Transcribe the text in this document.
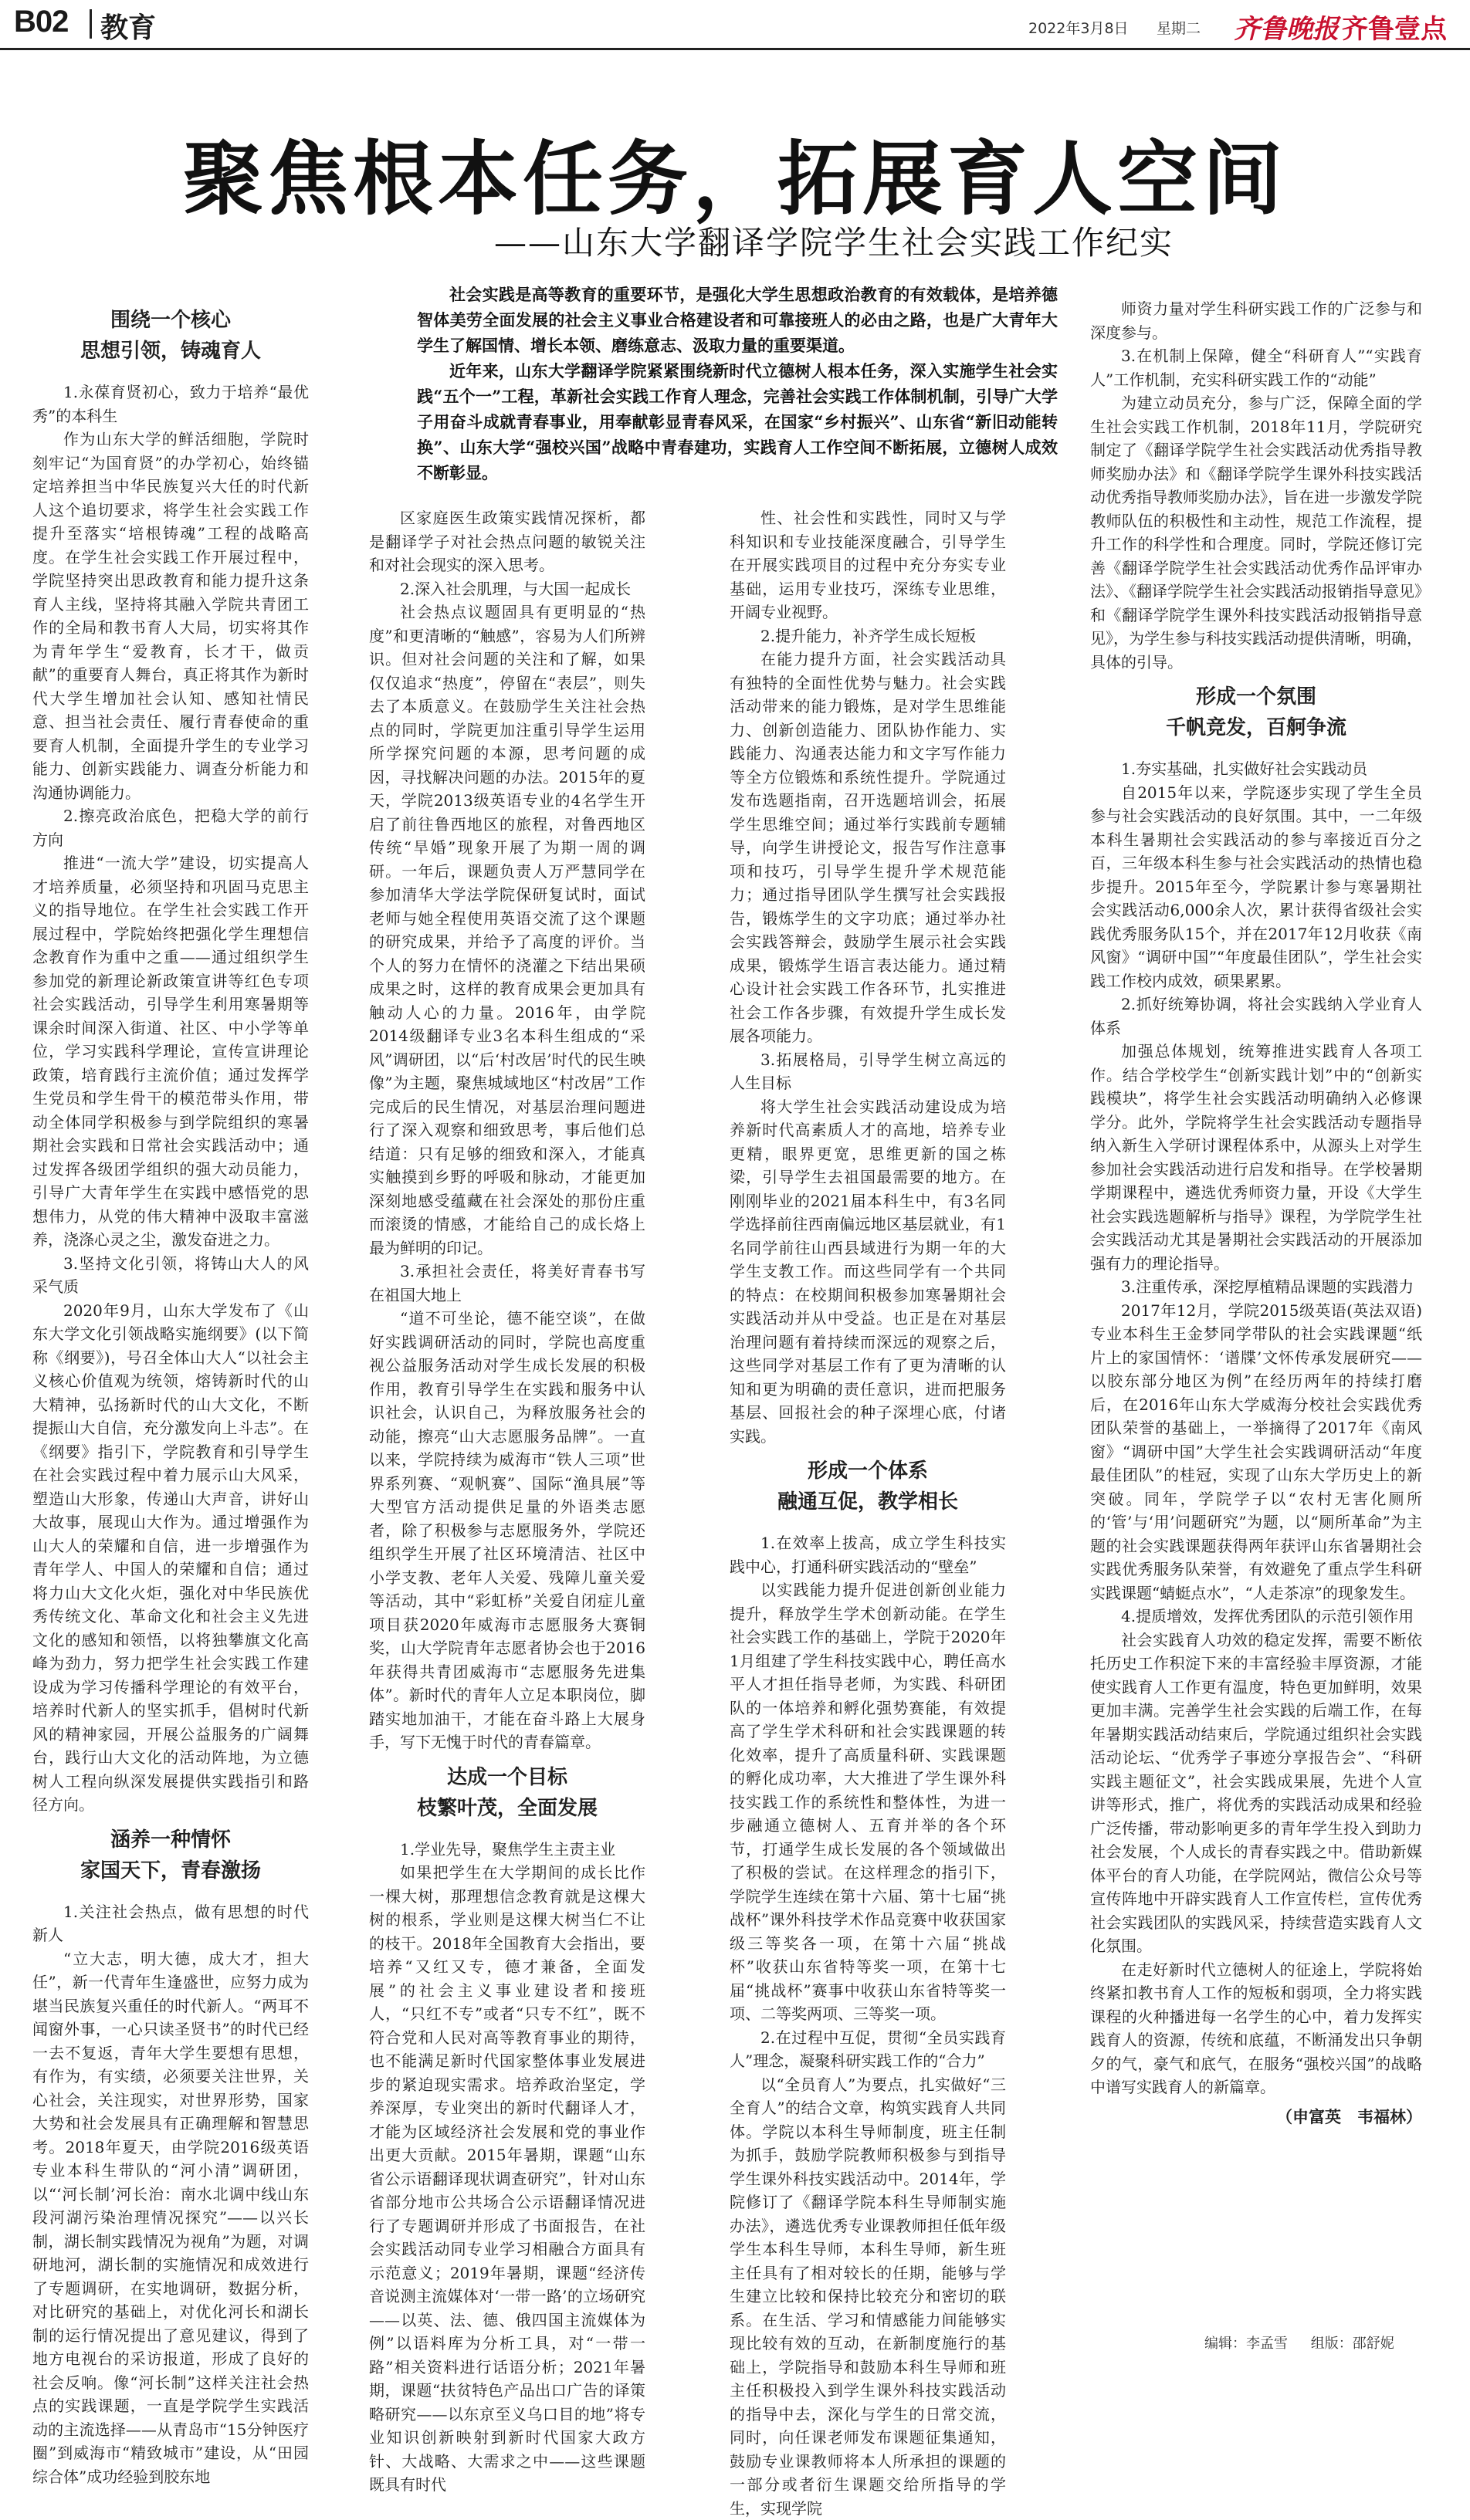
B02 教育	2022年3月8日 星期二 齐鲁晚报 齐鲁壹点
聚焦根本任务，拓展育人空间
——山东大学翻译学院学生社会实践工作纪实

社会实践是高等教育的重要环节，是强化大学生思想政治教育的有效载体，是培养德智体美劳全面发展的社会主义事业合格建设者和可靠接班人的必由之路，也是广大青年大学生了解国情、增长本领、磨练意志、汲取力量的重要渠道。

近年来，山东大学翻译学院紧紧围绕新时代立德树人根本任务，深入实施学生社会实践“五个一”工程，革新社会实践工作育人理念，完善社会实践工作体制机制，引导广大学子用奋斗成就青春事业，用奉献彰显青春风采，在国家“乡村振兴”、山东省“新旧动能转换”、山东大学“强校兴国”战略中青春建功，实践育人工作空间不断拓展，立德树人成效不断彰显。

围绕一个核心
思想引领，铸魂育人

1.永葆育贤初心，致力于培养“最优秀”的本科生

作为山东大学的鲜活细胞，学院时刻牢记“为国育贤”的办学初心，始终锚定培养担当中华民族复兴大任的时代新人这个追切要求，将学生社会实践工作提升至落实“培根铸魂”工程的战略高度。在学生社会实践工作开展过程中，学院坚持突出思政教育和能力提升这条育人主线，坚持将其融入学院共青团工作的全局和教书育人大局，切实将其作为青年学生“爱教育，长才干，做贡献”的重要育人舞台，真正将其作为新时代大学生增加社会认知、感知社情民意、担当社会责任、履行青春使命的重要育人机制，全面提升学生的专业学习能力、创新实践能力、调查分析能力和沟通协调能力。

2.擦亮政治底色，把稳大学的前行方向

推进“一流大学”建设，切实提高人才培养质量，必须坚持和巩固马克思主义的指导地位。在学生社会实践工作开展过程中，学院始终把强化学生理想信念教育作为重中之重——通过组织学生参加党的新理论新政策宣讲等红色专项社会实践活动，引导学生利用寒暑期等课余时间深入街道、社区、中小学等单位，学习实践科学理论，宣传宣讲理论政策，培育践行主流价值；通过发挥学生党员和学生骨干的模范带头作用，带动全体同学积极参与到学院组织的寒暑期社会实践和日常社会实践活动中；通过发挥各级团学组织的强大动员能力，引导广大青年学生在实践中感悟党的思想伟力，从党的伟大精神中汲取丰富滋养，浇涤心灵之尘，激发奋进之力。

3.坚持文化引领，将铸山大人的风采气质

2020年9月，山东大学发布了《山东大学文化引领战略实施纲要》(以下简称《纲要》)，号召全体山大人“以社会主义核心价值观为统领，熔铸新时代的山大精神，弘扬新时代的山大文化，不断提振山大自信，充分激发向上斗志”。在《纲要》指引下，学院教育和引导学生在社会实践过程中着力展示山大风采，塑造山大形象，传递山大声音，讲好山大故事，展现山大作为。通过增强作为山大人的荣耀和自信，进一步增强作为青年学人、中国人的荣耀和自信；通过将力山大文化火炬，强化对中华民族优秀传统文化、革命文化和社会主义先进文化的感知和领悟，以将独攀旗文化高峰为劲力，努力把学生社会实践工作建设成为学习传播科学理论的有效平台，培养时代新人的坚实抓手，倡树时代新风的精神家园，开展公益服务的广阔舞台，践行山大文化的活动阵地，为立德树人工程向纵深发展提供实践指引和路径方向。

涵养一种情怀
家国天下，青春激扬

1.关注社会热点，做有思想的时代新人

“立大志，明大德，成大才，担大任”，新一代青年生逢盛世，应努力成为堪当民族复兴重任的时代新人。“两耳不闻窗外事，一心只读圣贤书”的时代已经一去不复返，青年大学生要想有思想，有作为，有实绩，必须要关注世界，关心社会，关注现实，对世界形势，国家大势和社会发展具有正确理解和智慧思考。2018年夏天，由学院2016级英语专业本科生带队的“河小清”调研团，以“‘河长制’河长治：南水北调中线山东段河湖污染治理情况探究”——以兴长制，湖长制实践情况为视角”为题，对调研地河，湖长制的实施情况和成效进行了专题调研，在实地调研，数据分析，对比研究的基础上，对优化河长和湖长制的运行情况提出了意见建议，得到了地方电视台的采访报道，形成了良好的社会反响。像“河长制”这样关注社会热点的实践课题，一直是学院学生实践活动的主流选择——从青岛市“15分钟医疗圈”到威海市“精致城市”建设，从“田园综合体”成功经验到胶东地

区家庭医生政策实践情况探析，都是翻译学子对社会热点问题的敏锐关注和对社会现实的深入思考。

2.深入社会肌理，与大国一起成长

社会热点议题固具有更明显的“热度”和更清晰的“触感”，容易为人们所辨识。但对社会问题的关注和了解，如果仅仅追求“热度”，停留在“表层”，则失去了本质意义。在鼓励学生关注社会热点的同时，学院更加注重引导学生运用所学探究问题的本源，思考问题的成因，寻找解决问题的办法。2015年的夏天，学院2013级英语专业的4名学生开启了前往鲁西地区的旅程，对鲁西地区传统“旱婚”现象开展了为期一周的调研。一年后，课题负责人万严慧同学在参加清华大学法学院保研复试时，面试老师与她全程使用英语交流了这个课题的研究成果，并给予了高度的评价。当个人的努力在情怀的浇灌之下结出果硕成果之时，这样的教育成果会更加具有触动人心的力量。2016年，由学院2014级翻译专业3名本科生组成的“采风”调研团，以“后‘村改居’时代的民生映像”为主题，聚焦城域地区“村改居”工作完成后的民生情况，对基层治理问题进行了深入观察和细致思考，事后他们总结道：只有足够的细致和深入，才能真实触摸到乡野的呼吸和脉动，才能更加深刻地感受蕴藏在社会深处的那份庄重而滚烫的情感，才能给自己的成长烙上最为鲜明的印记。

3.承担社会责任，将美好青春书写在祖国大地上

“道不可坐论，德不能空谈”，在做好实践调研活动的同时，学院也高度重视公益服务活动对学生成长发展的积极作用，教育引导学生在实践和服务中认识社会，认识自己，为释放服务社会的动能，擦亮“山大志愿服务品牌”。一直以来，学院持续为威海市“铁人三项”世界系列赛、“观帆赛”、国际“渔具展”等大型官方活动提供足量的外语类志愿者，除了积极参与志愿服务外，学院还组织学生开展了社区环境清洁、社区中小学支教、老年人关爱、残障儿童关爱等活动，其中“彩虹桥”关爱自闭症儿童项目获2020年威海市志愿服务大赛铜奖，山大学院青年志愿者协会也于2016年获得共青团威海市“志愿服务先进集体”。新时代的青年人立足本职岗位，脚踏实地加油干，才能在奋斗路上大展身手，写下无愧于时代的青春篇章。

达成一个目标
枝繁叶茂，全面发展

1.学业先导，聚焦学生主责主业

如果把学生在大学期间的成长比作一棵大树，那理想信念教育就是这棵大树的根系，学业则是这棵大树当仁不让的枝干。2018年全国教育大会指出，要培养“又红又专，德才兼备，全面发展”的社会主义事业建设者和接班人，“只红不专”或者“只专不红”，既不符合党和人民对高等教育事业的期待，也不能满足新时代国家整体事业发展进步的紧迫现实需求。培养政治坚定，学养深厚，专业突出的新时代翻译人才，才能为区域经济社会发展和党的事业作出更大贡献。2015年暑期，课题“山东省公示语翻译现状调查研究”，针对山东省部分地市公共场合公示语翻译情况进行了专题调研并形成了书面报告，在社会实践活动同专业学习相融合方面具有示范意义；2019年暑期，课题“经济传音说测主流媒体对‘一带一路’的立场研究——以英、法、德、俄四国主流媒体为例”以语料库为分析工具，对“一带一路”相关资料进行话语分析；2021年暑期，课题“扶贫特色产品出口广告的译策略研究——以东京至义乌口目的地”将专业知识创新映射到新时代国家大政方针、大战略、大需求之中——这些课题既具有时代

性、社会性和实践性，同时又与学科知识和专业技能深度融合，引导学生在开展实践项目的过程中充分夯实专业基础，运用专业技巧，深练专业思维，开阔专业视野。

2.提升能力，补齐学生成长短板

在能力提升方面，社会实践活动具有独特的全面性优势与魅力。社会实践活动带来的能力锻炼，是对学生思维能力、创新创造能力、团队协作能力、实践能力、沟通表达能力和文字写作能力等全方位锻炼和系统性提升。学院通过发布选题指南，召开选题培训会，拓展学生思维空间；通过举行实践前专题辅导，向学生讲授论文，报告写作注意事项和技巧，引导学生提升学术规范能力；通过指导团队学生撰写社会实践报告，锻炼学生的文字功底；通过举办社会实践答辩会，鼓励学生展示社会实践成果，锻炼学生语言表达能力。通过精心设计社会实践工作各环节，扎实推进社会工作各步骤，有效提升学生成长发展各项能力。

3.拓展格局，引导学生树立高远的人生目标

将大学生社会实践活动建设成为培养新时代高素质人才的高地，培养专业更精，眼界更宽，思维更新的国之栋梁，引导学生去祖国最需要的地方。在刚刚毕业的2021届本科生中，有3名同学选择前往西南偏远地区基层就业，有1名同学前往山西县域进行为期一年的大学生支教工作。而这些同学有一个共同的特点：在校期间积极参加寒暑期社会实践活动并从中受益。也正是在对基层治理问题有着持续而深远的观察之后，这些同学对基层工作有了更为清晰的认知和更为明确的责任意识，进而把服务基层、回报社会的种子深埋心底，付诸实践。

形成一个体系
融通互促，教学相长

1.在效率上拔高，成立学生科技实践中心，打通科研实践活动的“壁垒”

以实践能力提升促进创新创业能力提升，释放学生学术创新动能。在学生社会实践工作的基础上，学院于2020年1月组建了学生科技实践中心，聘任高水平人才担任指导老师，为实践、科研团队的一体培养和孵化强势赛能，有效提高了学生学术科研和社会实践课题的转化效率，提升了高质量科研、实践课题的孵化成功率，大大推进了学生课外科技实践工作的系统性和整体性，为进一步融通立德树人、五育并举的各个环节，打通学生成长发展的各个领域做出了积极的尝试。在这样理念的指引下，学院学生连续在第十六届、第十七届“挑战杯”课外科技学术作品竞赛中收获国家级三等奖各一项，在第十六届“挑战杯”收获山东省特等奖一项，在第十七届“挑战杯”赛事中收获山东省特等奖一项、二等奖两项、三等奖一项。

2.在过程中互促，贯彻“全员实践育人”理念，凝聚科研实践工作的“合力”

以“全员育人”为要点，扎实做好“三全育人”的结合文章，构筑实践育人共同体。学院以本科生导师制度，班主任制为抓手，鼓励学院教师积极参与到指导学生课外科技实践活动中。2014年，学院修订了《翻译学院本科生导师制实施办法》，遴选优秀专业课教师担任低年级学生本科生导师，本科生导师，新生班主任具有了相对较长的任期，能够与学生建立比较和保持比较充分和密切的联系。在生活、学习和情感能力间能够实现比较有效的互动，在新制度施行的基础上，学院指导和鼓励本科生导师和班主任积极投入到学生课外科技实践活动的指导中去，深化与学生的日常交流，同时，向任课老师发布课题征集通知，鼓励专业课教师将本人所承担的课题的一部分或者衍生课题交给所指导的学生，实现学院

师资力量对学生科研实践工作的广泛参与和深度参与。

3.在机制上保障，健全“科研育人”“实践育人”工作机制，充实科研实践工作的“动能”

为建立动员充分，参与广泛，保障全面的学生社会实践工作机制，2018年11月，学院研究制定了《翻译学院学生社会实践活动优秀指导教师奖励办法》和《翻译学院学生课外科技实践活动优秀指导教师奖励办法》，旨在进一步激发学院教师队伍的积极性和主动性，规范工作流程，提升工作的科学性和合理度。同时，学院还修订完善《翻译学院学生社会实践活动优秀作品评审办法》、《翻译学院学生社会实践活动报销指导意见》和《翻译学院学生课外科技实践活动报销指导意见》，为学生参与科技实践活动提供清晰，明确，具体的引导。

形成一个氛围
千帆竞发，百舸争流

1.夯实基础，扎实做好社会实践动员

自2015年以来，学院逐步实现了学生全员参与社会实践活动的良好氛围。其中，一二年级本科生暑期社会实践活动的参与率接近百分之百，三年级本科生参与社会实践活动的热情也稳步提升。2015年至今，学院累计参与寒暑期社会实践活动6,000余人次，累计获得省级社会实践优秀服务队15个，并在2017年12月收获《南风窗》“调研中国”“年度最佳团队”，学生社会实践工作校内成效，硕果累累。

2.抓好统筹协调，将社会实践纳入学业育人体系

加强总体规划，统筹推进实践育人各项工作。结合学校学生“创新实践计划”中的“创新实践模块”，将学生社会实践活动明确纳入必修课学分。此外，学院将学生社会实践活动专题指导纳入新生入学研讨课程体系中，从源头上对学生参加社会实践活动进行启发和指导。在学校暑期学期课程中，遴选优秀师资力量，开设《大学生社会实践选题解析与指导》课程，为学院学生社会实践活动尤其是暑期社会实践活动的开展添加强有力的理论指导。

3.注重传承，深挖厚植精品课题的实践潜力

2017年12月，学院2015级英语(英法双语)专业本科生王金梦同学带队的社会实践课题“纸片上的家国情怀：‘谱牒’文怀传承发展研究——以胶东部分地区为例”在经历两年的持续打磨后，在2016年山东大学威海分校社会实践优秀团队荣誉的基础上，一举摘得了2017年《南风窗》“调研中国”大学生社会实践调研活动“年度最佳团队”的桂冠，实现了山东大学历史上的新突破。同年，学院学子以“农村无害化厕所的‘管’与‘用’问题研究”为题，以“厕所革命”为主题的社会实践课题获得两年获评山东省暑期社会实践优秀服务队荣誉，有效避免了重点学生科研实践课题“蜻蜓点水”，“人走茶凉”的现象发生。

4.提质增效，发挥优秀团队的示范引领作用

社会实践育人功效的稳定发挥，需要不断依托历史工作积淀下来的丰富经验丰厚资源，才能使实践育人工作更有温度，特色更加鲜明，效果更加丰满。完善学生社会实践的后端工作，在每年暑期实践活动结束后，学院通过组织社会实践活动论坛、“优秀学子事迹分享报告会”、“科研实践主题征文”，社会实践成果展，先进个人宣讲等形式，推广，将优秀的实践活动成果和经验广泛传播，带动影响更多的青年学生投入到助力社会发展，个人成长的青春实践之中。借助新媒体平台的育人功能，在学院网站，微信公众号等宣传阵地中开辟实践育人工作宣传栏，宣传优秀社会实践团队的实践风采，持续营造实践育人文化氛围。

在走好新时代立德树人的征途上，学院将始终紧扣教书育人工作的短板和弱项，全力将实践课程的火种播进每一名学生的心中，着力发挥实践育人的资源，传统和底蕴，不断涌发出只争朝夕的气，豪气和底气，在服务“强校兴国”的战略中谱写实践育人的新篇章。

（申富英　韦福林）
编辑：李孟雪 组版：邵舒妮
